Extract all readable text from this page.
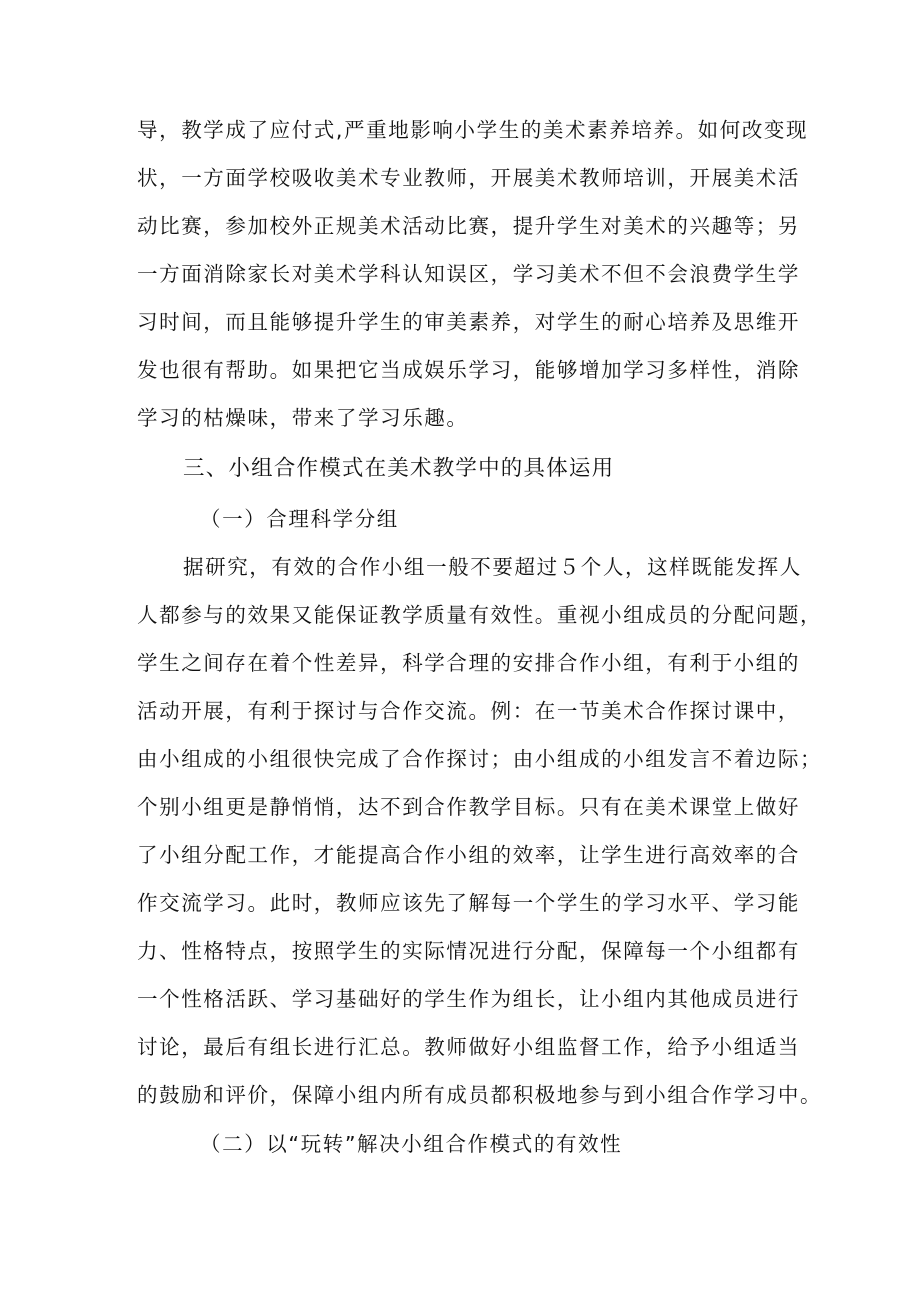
导，教学成了应付式,严重地影响小学生的美术素养培养。如何改变现
状，一方面学校吸收美术专业教师，开展美术教师培训，开展美术活
动比赛，参加校外正规美术活动比赛，提升学生对美术的兴趣等；另
一方面消除家长对美术学科认知误区，学习美术不但不会浪费学生学
习时间，而且能够提升学生的审美素养，对学生的耐心培养及思维开
发也很有帮助。如果把它当成娱乐学习，能够增加学习多样性，消除
学习的枯燥味，带来了学习乐趣。
三、小组合作模式在美术教学中的具体运用
（一）合理科学分组
据研究，有效的合作小组一般不要超过５个人，这样既能发挥人
人都参与的效果又能保证教学质量有效性。重视小组成员的分配问题，
学生之间存在着个性差异，科学合理的安排合作小组，有利于小组的
活动开展，有利于探讨与合作交流。例：在一节美术合作探讨课中，
由小组成的小组很快完成了合作探讨；由小组成的小组发言不着边际；
个别小组更是静悄悄，达不到合作教学目标。只有在美术课堂上做好
了小组分配工作，才能提高合作小组的效率，让学生进行高效率的合
作交流学习。此时，教师应该先了解每一个学生的学习水平、学习能
力、性格特点，按照学生的实际情况进行分配，保障每一个小组都有
一个性格活跃、学习基础好的学生作为组长，让小组内其他成员进行
讨论，最后有组长进行汇总。教师做好小组监督工作，给予小组适当
的鼓励和评价，保障小组内所有成员都积极地参与到小组合作学习中。
（二）以“玩转”解决小组合作模式的有效性
